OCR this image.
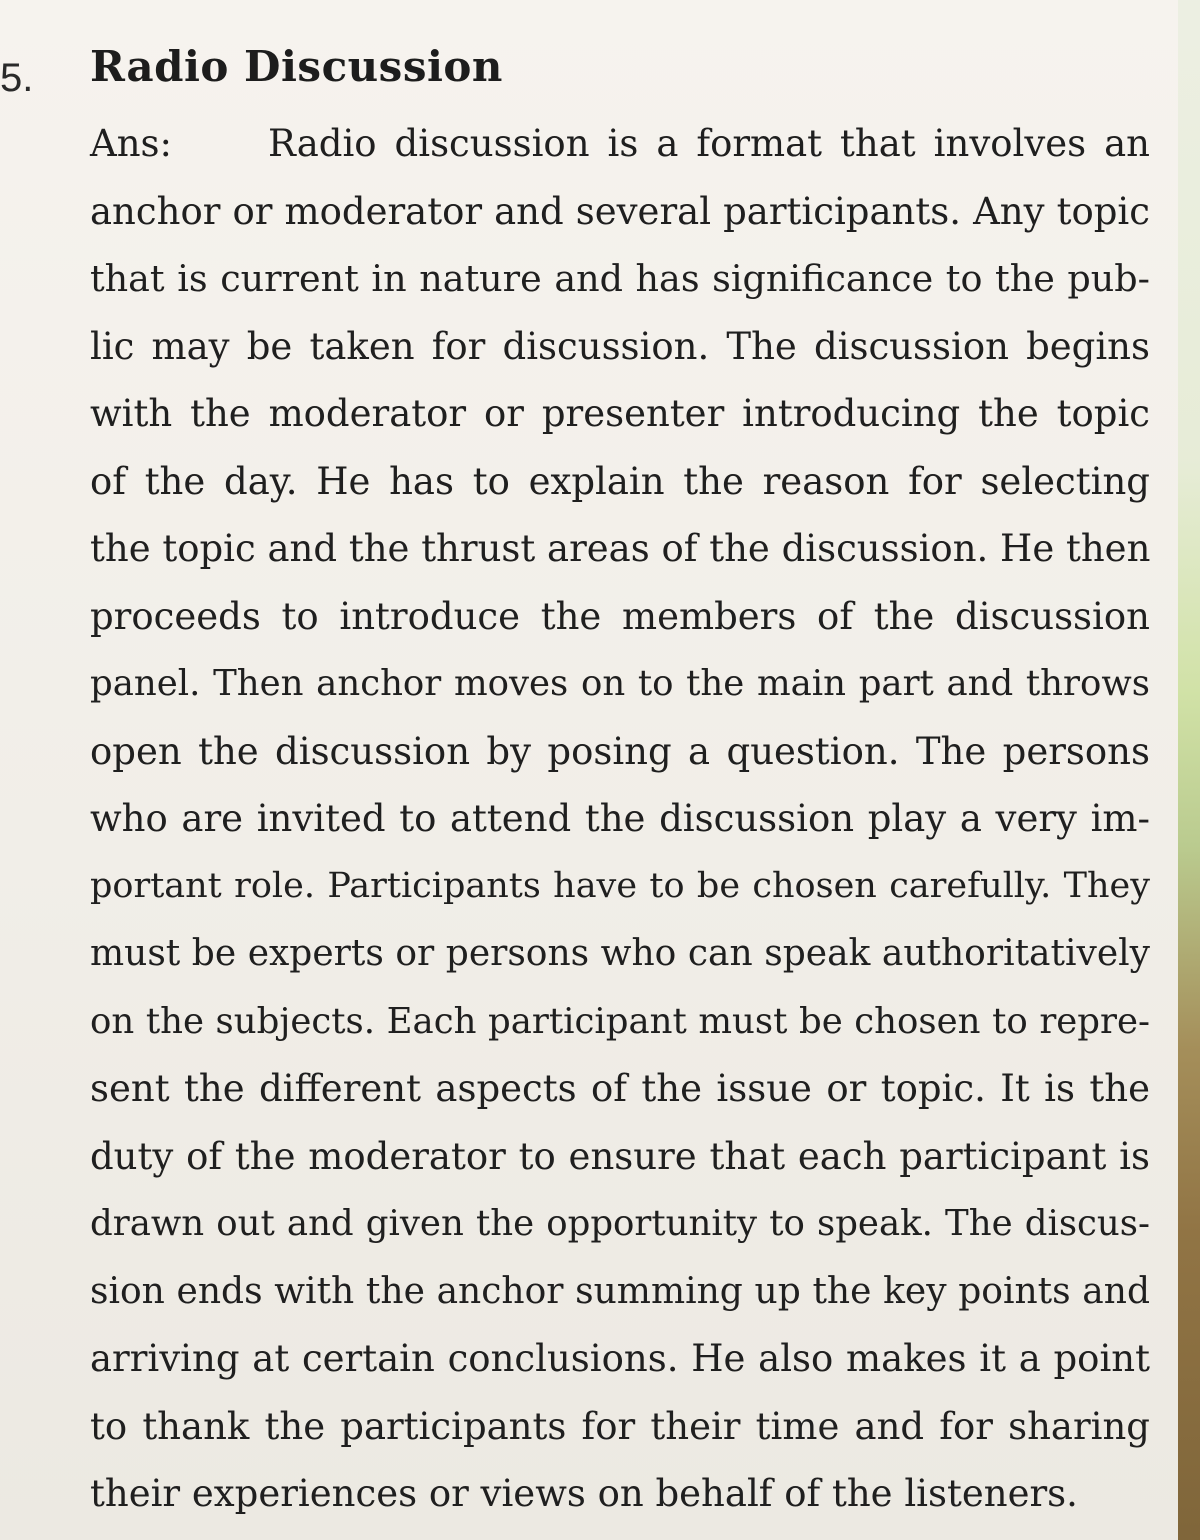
5. Radio Discussion
Ans:	Radio discussion is a format that involves an
anchor or moderator and several participants. Any topic
that is current in nature and has significance to the pub-
lic may be taken for discussion. The discussion begins
with the moderator or presenter introducing the topic
of the day. He has to explain the reason for selecting
the topic and the thrust areas of the discussion. He then
proceeds to introduce the members of the discussion
panel. Then anchor moves on to the main part and throws
open the discussion by posing a question. The persons
who are invited to attend the discussion play a very im-
portant role. Participants have to be chosen carefully. They
must be experts or persons who can speak authoritatively
on the subjects. Each participant must be chosen to repre-
sent the different aspects of the issue or topic. It is the
duty of the moderator to ensure that each participant is
drawn out and given the opportunity to speak. The discus-
sion ends with the anchor summing up the key points and
arriving at certain conclusions. He also makes it a point
to thank the participants for their time and for sharing
their experiences or views on behalf of the listeners.
